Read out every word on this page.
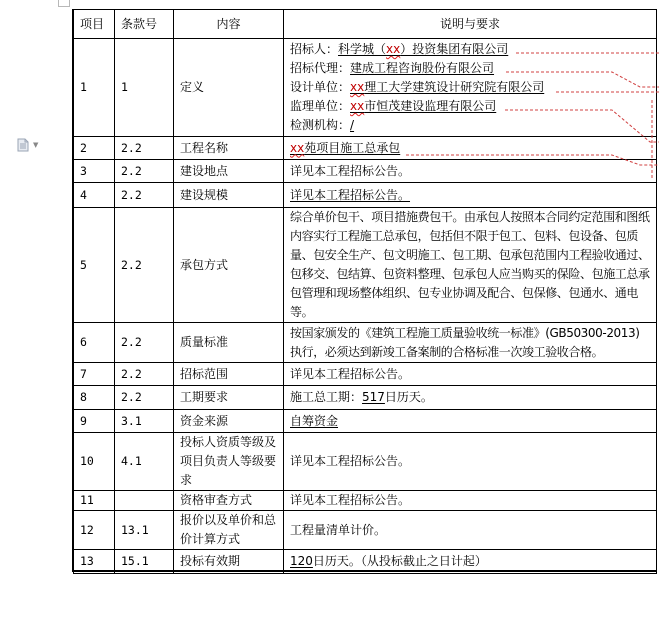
▼
项目	条款号	内容	说明与要求
1	1	定义	招标人：科学城（xx）投资集团有限公司
招标代理：建成工程咨询股份有限公司
设计单位：xx理工大学建筑设计研究院有限公司
监理单位：xx市恒茂建设监理有限公司
检测机构：/

2	2.2	工程名称	xx苑项目施工总承包
3	2.2	建设地点	详见本工程招标公告。
4	2.2	建设规模	详见本工程招标公告。
5	2.2	承包方式	综合单价包干、项目措施费包干。由承包人按照本合同约定范围和图纸内容实行工程施工总承包，包括但不限于包工、包料、包设备、包质量、包安全生产、包文明施工、包工期、包承包范围内工程验收通过、包移交、包结算、包资料整理、包承包人应当购买的保险、包施工总承包管理和现场整体组织、包专业协调及配合、包保修、包通水、通电等。
6	2.2	质量标准	按国家颁发的《建筑工程施工质量验收统一标准》(GB50300-2013)执行，必须达到新竣工备案制的合格标准一次竣工验收合格。
7	2.2	招标范围	详见本工程招标公告。
8	2.2	工期要求	施工总工期：517日历天。
9	3.1	资金来源	自筹资金
10	4.1	投标人资质等级及项目负责人等级要求	详见本工程招标公告。
11		资格审查方式	详见本工程招标公告。
12	13.1	报价以及单价和总价计算方式	工程量清单计价。
13	15.1	投标有效期	120日历天。（从投标截止之日计起）
